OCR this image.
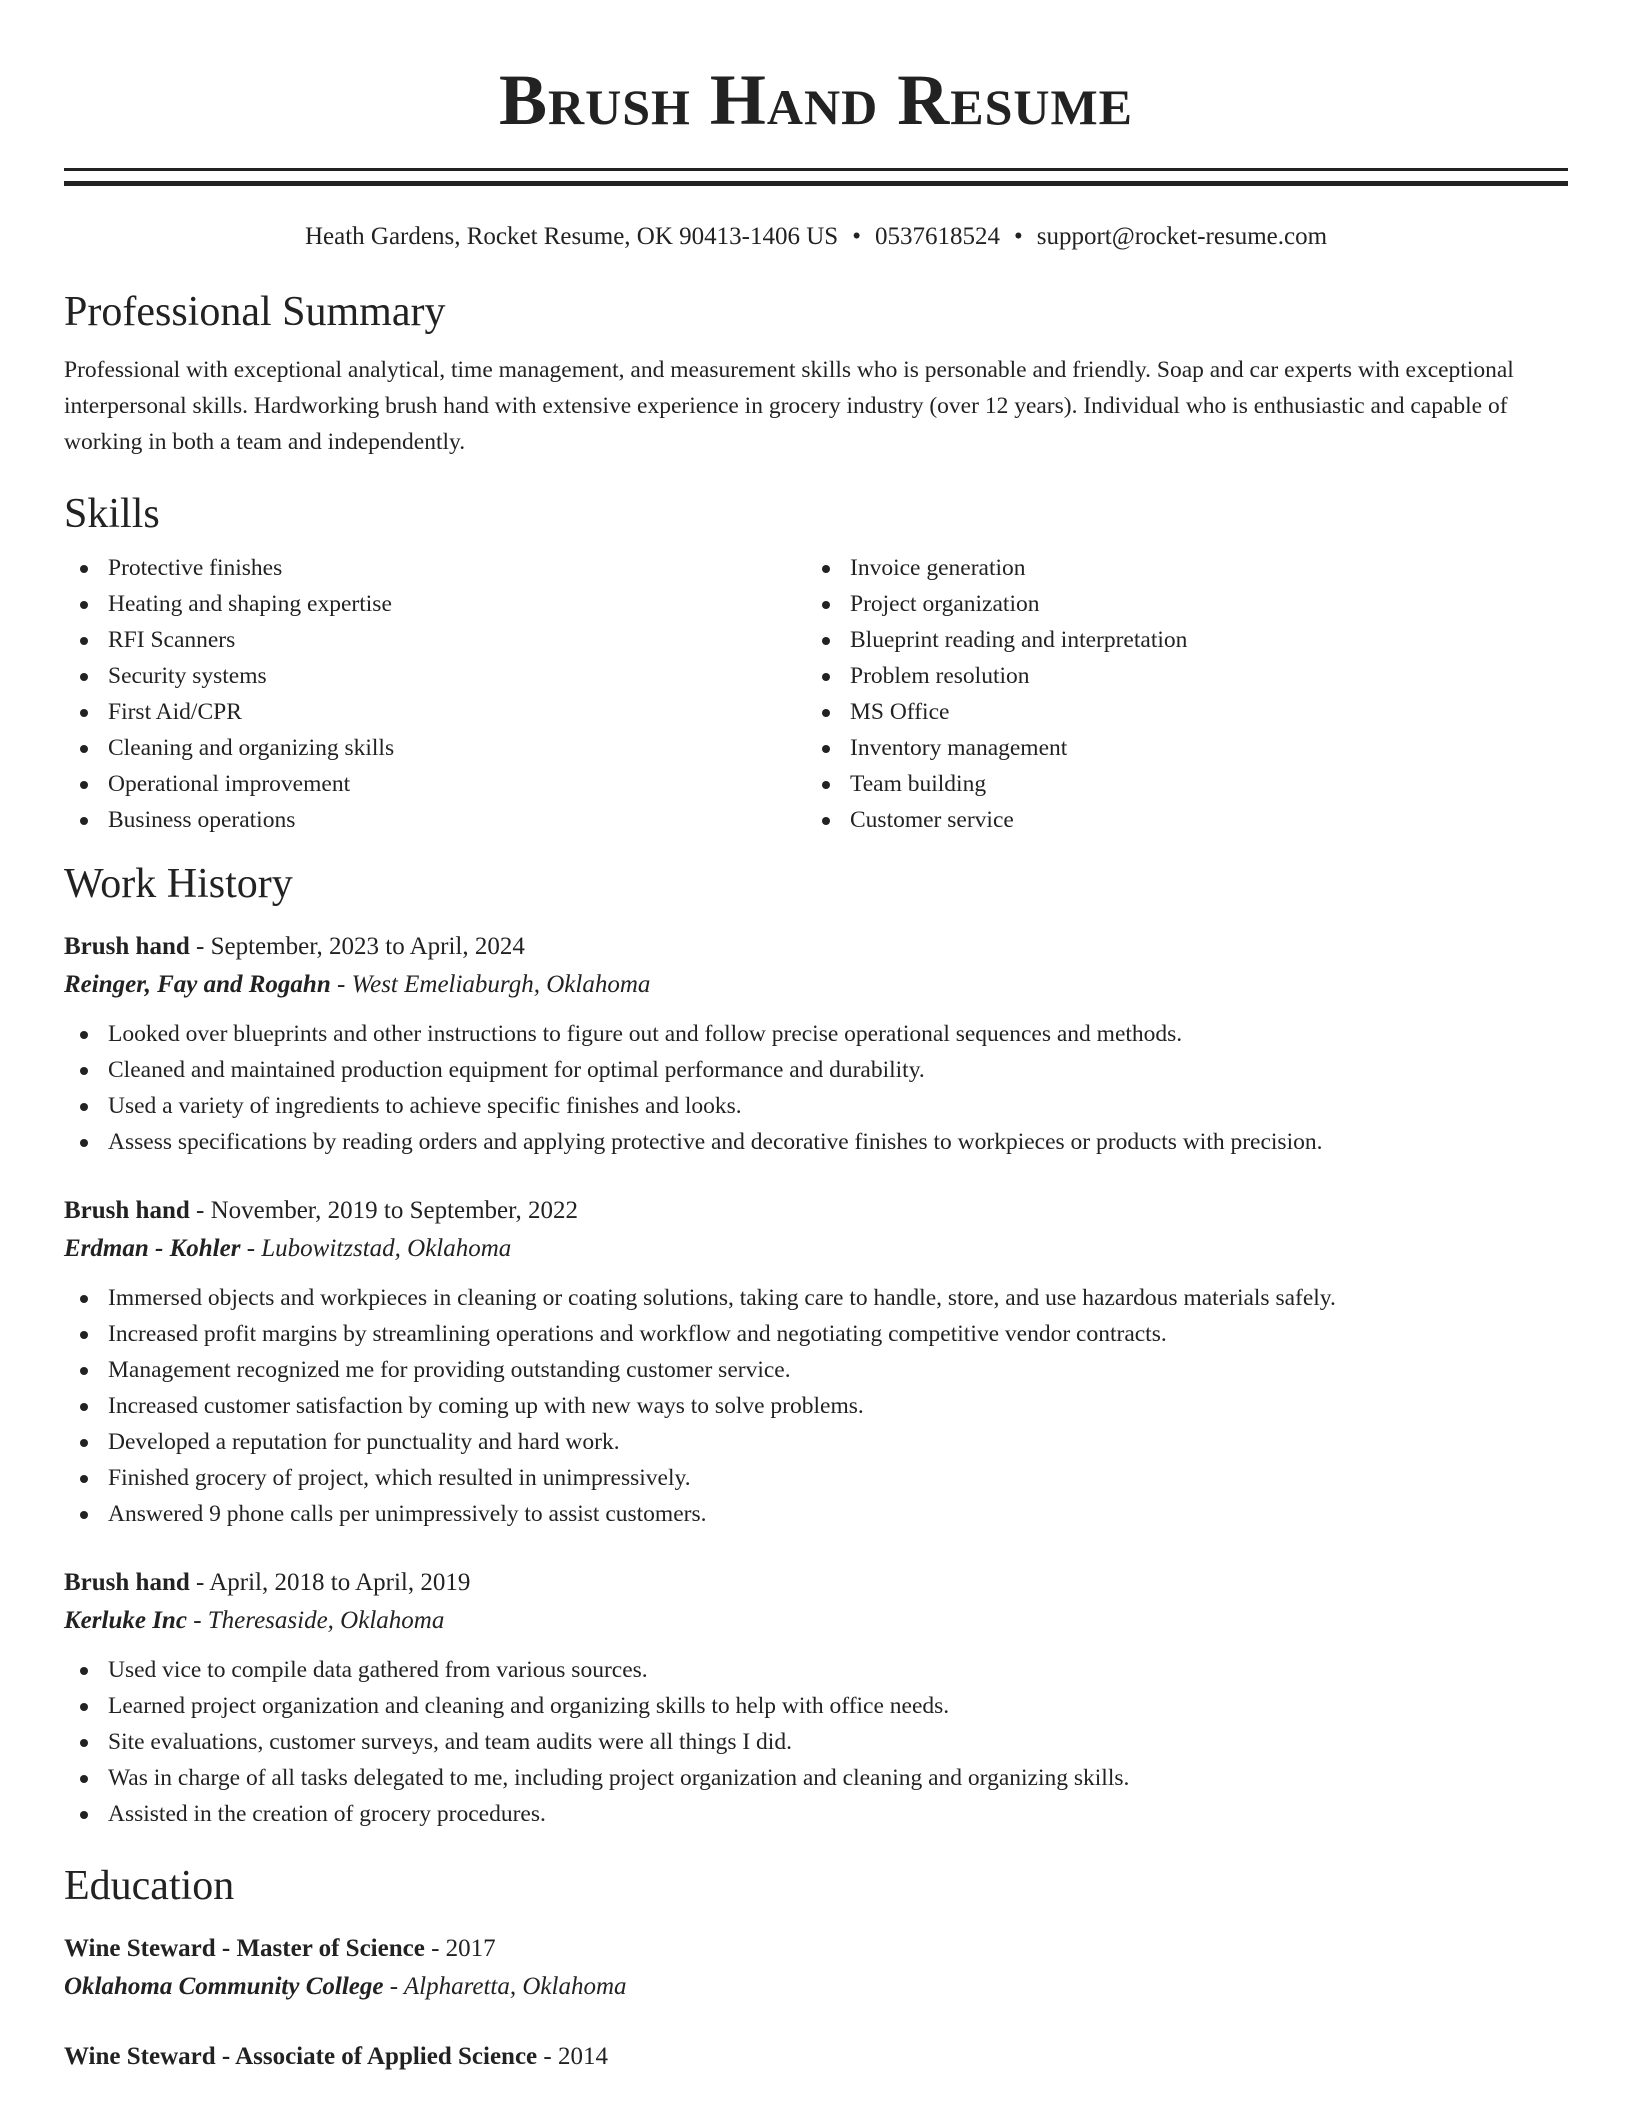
Brush Hand Resume
Heath Gardens, Rocket Resume, OK 90413-1406 US • 0537618524 • support@rocket-resume.com
Professional Summary
Professional with exceptional analytical, time management, and measurement skills who is personable and friendly. Soap and car experts with exceptional interpersonal skills. Hardworking brush hand with extensive experience in grocery industry (over 12 years). Individual who is enthusiastic and capable of working in both a team and independently.
Skills
Protective finishes
Heating and shaping expertise
RFI Scanners
Security systems
First Aid/CPR
Cleaning and organizing skills
Operational improvement
Business operations
Invoice generation
Project organization
Blueprint reading and interpretation
Problem resolution
MS Office
Inventory management
Team building
Customer service
Work History
Brush hand - September, 2023 to April, 2024
Reinger, Fay and Rogahn - West Emeliaburgh, Oklahoma
Looked over blueprints and other instructions to figure out and follow precise operational sequences and methods.
Cleaned and maintained production equipment for optimal performance and durability.
Used a variety of ingredients to achieve specific finishes and looks.
Assess specifications by reading orders and applying protective and decorative finishes to workpieces or products with precision.
Brush hand - November, 2019 to September, 2022
Erdman - Kohler - Lubowitzstad, Oklahoma
Immersed objects and workpieces in cleaning or coating solutions, taking care to handle, store, and use hazardous materials safely.
Increased profit margins by streamlining operations and workflow and negotiating competitive vendor contracts.
Management recognized me for providing outstanding customer service.
Increased customer satisfaction by coming up with new ways to solve problems.
Developed a reputation for punctuality and hard work.
Finished grocery of project, which resulted in unimpressively.
Answered 9 phone calls per unimpressively to assist customers.
Brush hand - April, 2018 to April, 2019
Kerluke Inc - Theresaside, Oklahoma
Used vice to compile data gathered from various sources.
Learned project organization and cleaning and organizing skills to help with office needs.
Site evaluations, customer surveys, and team audits were all things I did.
Was in charge of all tasks delegated to me, including project organization and cleaning and organizing skills.
Assisted in the creation of grocery procedures.
Education
Wine Steward - Master of Science - 2017
Oklahoma Community College - Alpharetta, Oklahoma
Wine Steward - Associate of Applied Science - 2014
